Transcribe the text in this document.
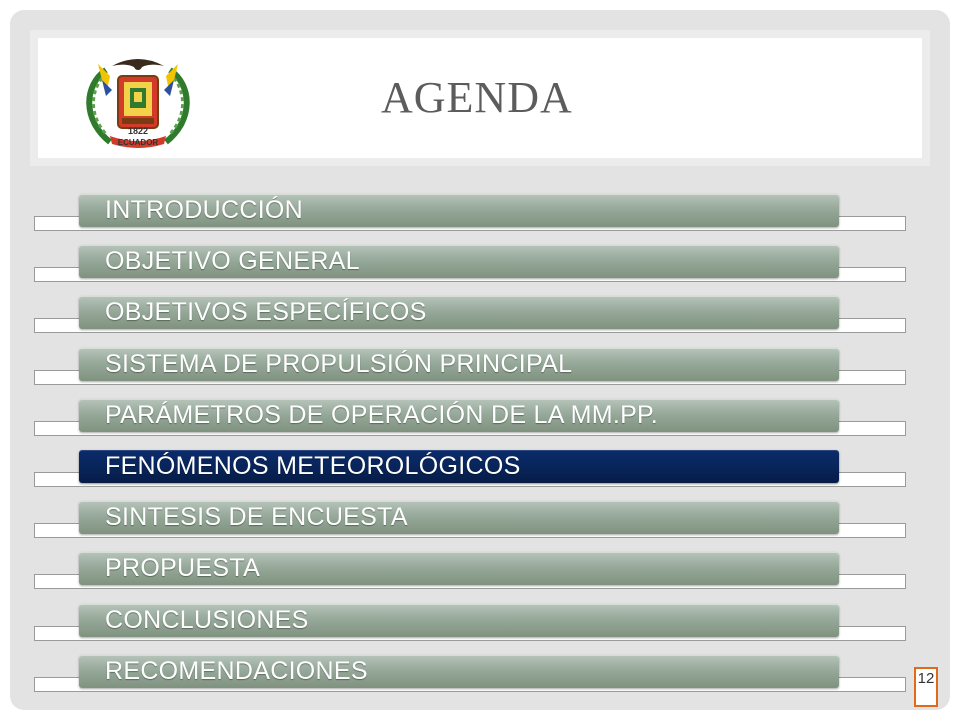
1822
ECUADOR
AGENDA
INTRODUCCIÓN
OBJETIVO GENERAL
OBJETIVOS ESPECÍFICOS
SISTEMA DE PROPULSIÓN PRINCIPAL
PARÁMETROS DE OPERACIÓN DE LA MM.PP.
FENÓMENOS METEOROLÓGICOS
SINTESIS DE ENCUESTA
PROPUESTA
CONCLUSIONES
RECOMENDACIONES	12
